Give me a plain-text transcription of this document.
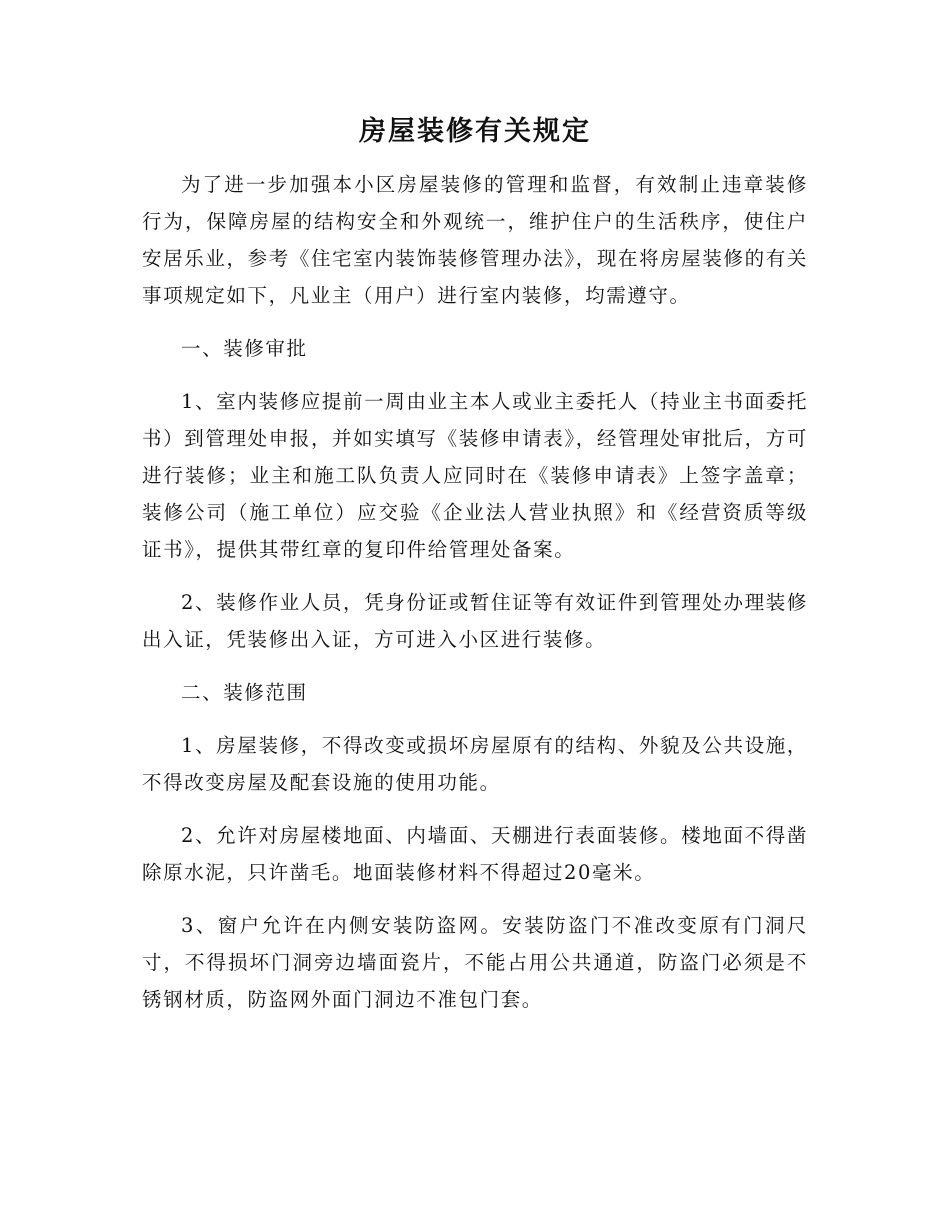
房屋装修有关规定

为了进一步加强本小区房屋装修的管理和监督，有效制止违章装修行为，保障房屋的结构安全和外观统一，维护住户的生活秩序，使住户安居乐业，参考《住宅室内装饰装修管理办法》，现在将房屋装修的有关事项规定如下，凡业主（用户）进行室内装修，均需遵守。

一、装修审批

1、室内装修应提前一周由业主本人或业主委托人（持业主书面委托书）到管理处申报，并如实填写《装修申请表》，经管理处审批后，方可进行装修；业主和施工队负责人应同时在《装修申请表》上签字盖章；装修公司（施工单位）应交验《企业法人营业执照》和《经营资质等级证书》，提供其带红章的复印件给管理处备案。

2、装修作业人员，凭身份证或暂住证等有效证件到管理处办理装修出入证，凭装修出入证，方可进入小区进行装修。

二、装修范围

1、房屋装修，不得改变或损坏房屋原有的结构、外貌及公共设施，不得改变房屋及配套设施的使用功能。

2、允许对房屋楼地面、内墙面、天棚进行表面装修。楼地面不得凿除原水泥，只许凿毛。地面装修材料不得超过20毫米。

3、窗户允许在内侧安装防盗网。安装防盗门不准改变原有门洞尺寸，不得损坏门洞旁边墙面瓷片，不能占用公共通道，防盗门必须是不锈钢材质，防盗网外面门洞边不准包门套。
